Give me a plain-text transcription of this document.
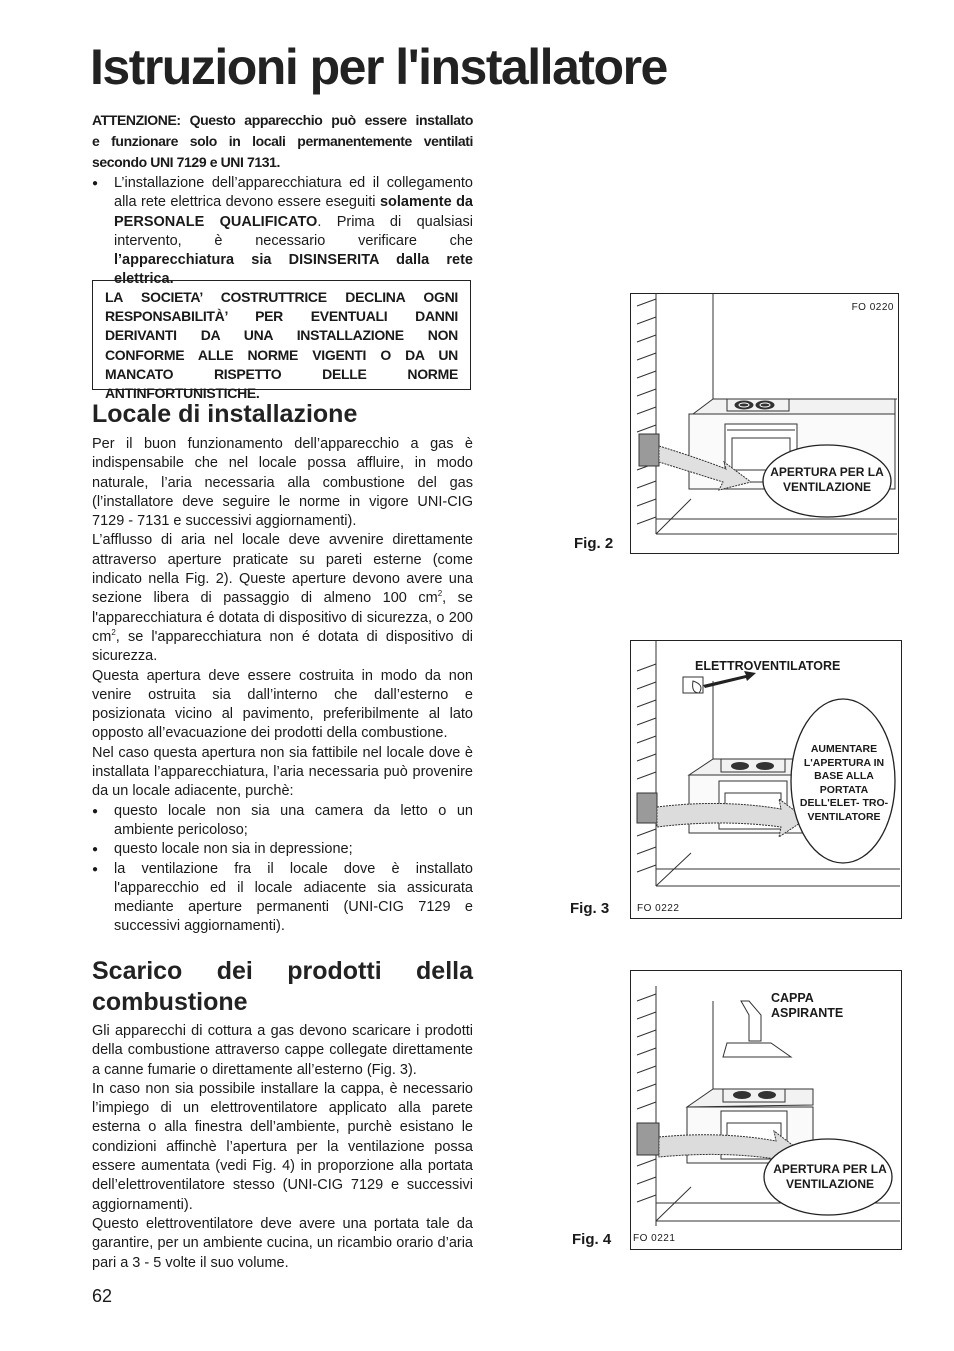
Istruzioni per l'installatore
ATTENZIONE: Questo apparecchio può essere installato
e funzionare solo in locali permanentemente ventilati
secondo UNI 7129 e UNI 7131.
● L’installazione dell’apparecchiatura ed il collegamento alla rete elettrica devono essere eseguiti solamente da PERSONALE QUALIFICATO. Prima di qualsiasi intervento, è necessario verificare che l’apparecchiatura sia DISINSERITA dalla rete elettrica.
LA SOCIETA’ COSTRUTTRICE DECLINA OGNI RESPONSABILITÀ’ PER EVENTUALI DANNI DERIVANTI DA UNA INSTALLAZIONE NON CONFORME ALLE NORME VIGENTI O DA UN MANCATO RISPETTO DELLE NORME ANTINFORTUNISTICHE.
Locale di installazione
Per il buon funzionamento dell’apparecchio a gas è indispensabile che nel locale possa affluire, in modo naturale, l’aria necessaria alla combustione del gas (l’installatore deve seguire le norme in vigore UNI-CIG 7129 - 7131 e successivi aggiornamenti).
L’afflusso di aria nel locale deve avvenire direttamente attraverso aperture praticate su pareti esterne (come indicato nella Fig. 2). Queste aperture devono avere una sezione libera di passaggio di almeno 100 $cm^2$, se l'apparecchiatura é dotata di dispositivo di sicurezza, o 200 $cm^2$, se l'apparecchiatura non é dotata di dispositivo di sicurezza.
Questa apertura deve essere costruita in modo da non venire ostruita sia dall’interno che dall’esterno e posizionata vicino al pavimento, preferibilmente al lato opposto all’evacuazione dei prodotti della combustione.
Nel caso questa apertura non sia fattibile nel locale dove è installata l’apparecchiatura, l’aria necessaria può provenire da un locale adiacente, purchè:
● questo locale non sia una camera da letto o un ambiente pericoloso;
● questo locale non sia in depressione;
● la ventilazione fra il locale dove è installato l'apparecchio ed il locale adiacente sia assicurata mediante aperture permanenti (UNI-CIG 7129 e successivi aggiornamenti).
Scarico dei prodotti della
combustione
Gli apparecchi di cottura a gas devono scaricare i prodotti della combustione attraverso cappe collegate direttamente a canne fumarie o direttamente all’esterno (Fig. 3).
In caso non sia possibile installare la cappa, è necessario l’impiego di un elettroventilatore applicato alla parete esterna o alla finestra dell’ambiente, purchè esistano le condizioni affinchè l’apertura per la ventilazione possa essere aumentata (vedi Fig. 4) in proporzione alla portata dell’elettroventilatore stesso (UNI-CIG 7129 e successivi aggiornamenti).
Questo elettroventilatore deve avere una portata tale da garantire, per un ambiente cucina, un ricambio orario d’aria pari a 3 - 5 volte il suo volume.
62
Fig. 2
FO 0220
APERTURA PER LA VENTILAZIONE
Fig. 3
ELETTROVENTILATORE
AUMENTARE L'APERTURA IN BASE ALLA PORTATA DELL'ELET- TRO- VENTILATORE
FO 0222
Fig. 4
CAPPA ASPIRANTE
APERTURA PER LA VENTILAZIONE
FO 0221
